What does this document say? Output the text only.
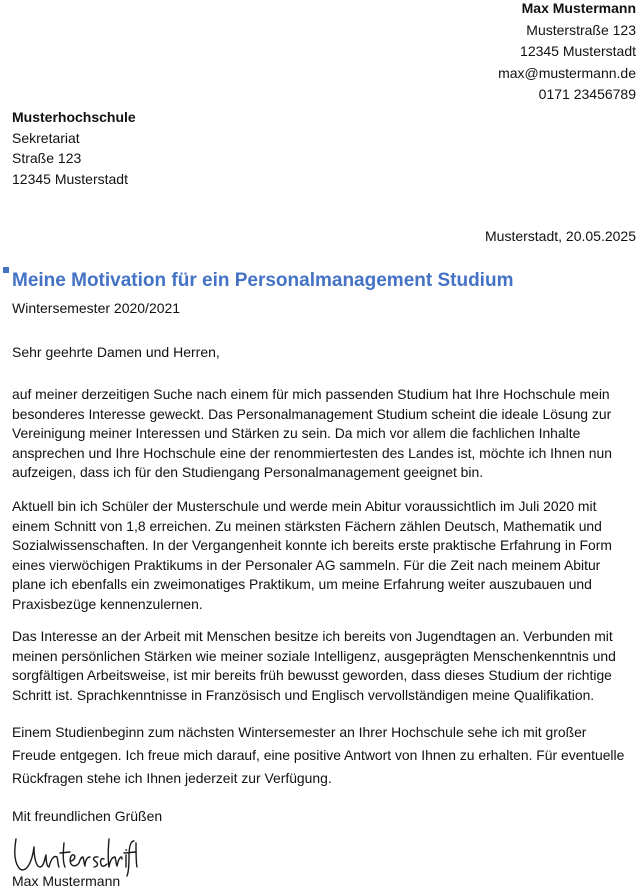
Max Mustermann
Musterstraße 123
12345 Musterstadt
max@mustermann.de
0171 23456789
Musterhochschule
Sekretariat
Straße 123
12345 Musterstadt
Musterstadt, 20.05.2025
Meine Motivation für ein Personalmanagement Studium
Wintersemester 2020/2021
Sehr geehrte Damen und Herren,

auf meiner derzeitigen Suche nach einem für mich passenden Studium hat Ihre Hochschule mein besonderes Interesse geweckt. Das Personalmanagement Studium scheint die ideale Lösung zur Vereinigung meiner Interessen und Stärken zu sein. Da mich vor allem die fachlichen Inhalte ansprechen und Ihre Hochschule eine der renommiertesten des Landes ist, möchte ich Ihnen nun aufzeigen, dass ich für den Studiengang Personalmanagement geeignet bin.

Aktuell bin ich Schüler der Musterschule und werde mein Abitur voraussichtlich im Juli 2020 mit einem Schnitt von 1,8 erreichen. Zu meinen stärksten Fächern zählen Deutsch, Mathematik und Sozialwissenschaften. In der Vergangenheit konnte ich bereits erste praktische Erfahrung in Form eines vierwöchigen Praktikums in der Personaler AG sammeln. Für die Zeit nach meinem Abitur plane ich ebenfalls ein zweimonatiges Praktikum, um meine Erfahrung weiter auszubauen und Praxisbezüge kennenzulernen.

Das Interesse an der Arbeit mit Menschen besitze ich bereits von Jugendtagen an. Verbunden mit meinen persönlichen Stärken wie meiner soziale Intelligenz, ausgeprägten Menschenkenntnis und sorgfältigen Arbeitsweise, ist mir bereits früh bewusst geworden, dass dieses Studium der richtige Schritt ist. Sprachkenntnisse in Französisch und Englisch vervollständigen meine Qualifikation.

Einem Studienbeginn zum nächsten Wintersemester an Ihrer Hochschule sehe ich mit großer Freude entgegen. Ich freue mich darauf, eine positive Antwort von Ihnen zu erhalten. Für eventuelle Rückfragen stehe ich Ihnen jederzeit zur Verfügung.

Mit freundlichen Grüßen
Max Mustermann
